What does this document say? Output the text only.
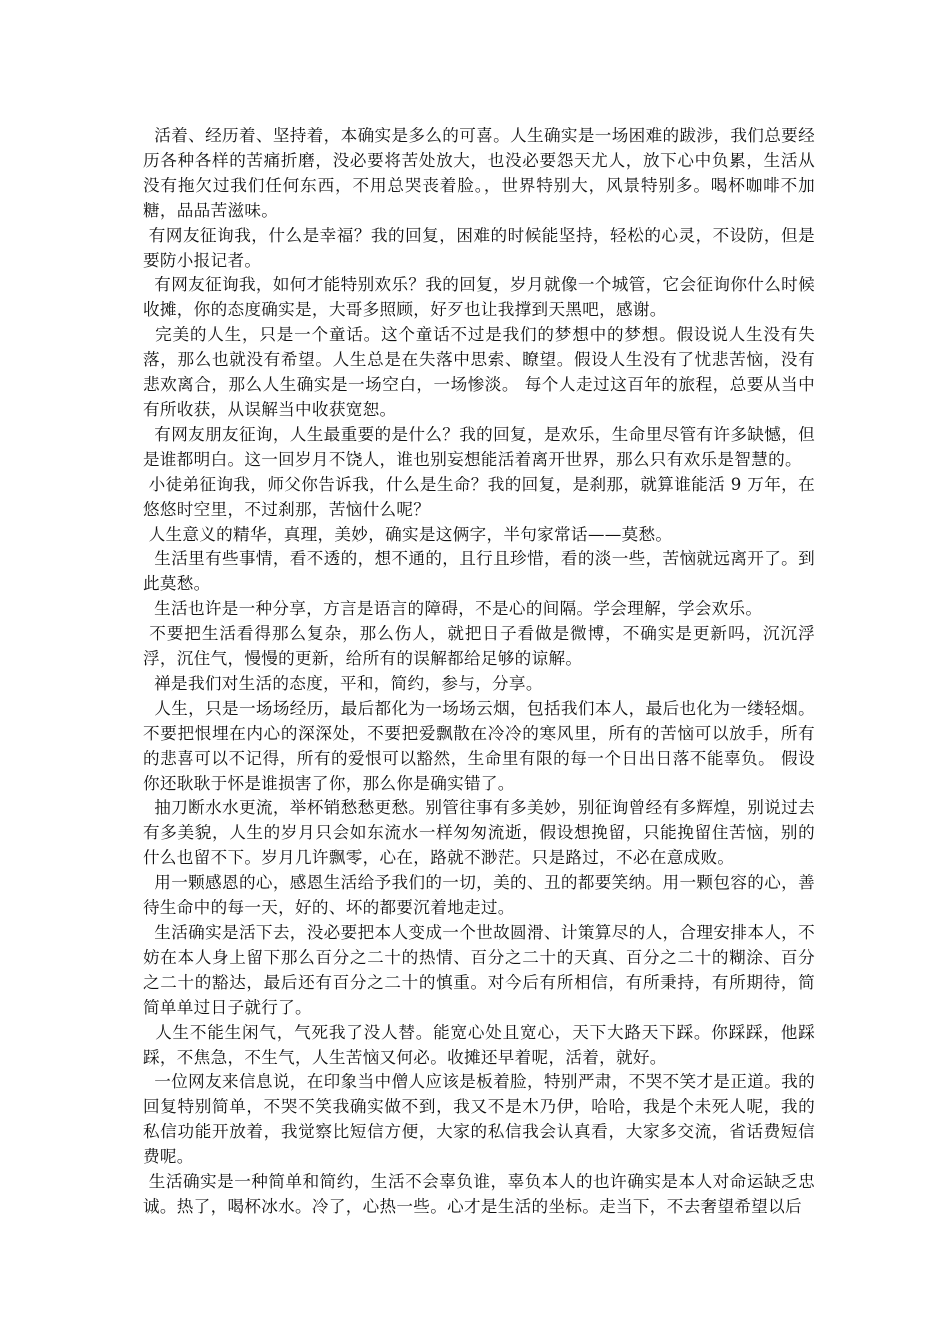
活着、经历着、坚持着，本确实是多么的可喜。人生确实是一场困难的跋涉，我们总要经历各种各样的苦痛折磨，没必要将苦处放大，也没必要怨天尤人，放下心中负累，生活从没有拖欠过我们任何东西，不用总哭丧着脸。，世界特别大，风景特别多。喝杯咖啡不加糖，品品苦滋味。

有网友征询我，什么是幸福？我的回复，困难的时候能坚持，轻松的心灵，不设防，但是要防小报记者。

有网友征询我，如何才能特别欢乐？我的回复，岁月就像一个城管，它会征询你什么时候收摊，你的态度确实是，大哥多照顾，好歹也让我撑到天黑吧，感谢。

完美的人生，只是一个童话。这个童话不过是我们的梦想中的梦想。假设说人生没有失落，那么也就没有希望。人生总是在失落中思索、瞭望。假设人生没有了忧悲苦恼，没有悲欢离合，那么人生确实是一场空白，一场惨淡。 每个人走过这百年的旅程，总要从当中有所收获，从误解当中收获宽恕。

有网友朋友征询，人生最重要的是什么？我的回复，是欢乐，生命里尽管有许多缺憾，但是谁都明白。这一回岁月不饶人，谁也别妄想能活着离开世界，那么只有欢乐是智慧的。

小徒弟征询我，师父你告诉我，什么是生命？我的回复，是刹那，就算谁能活 9 万年，在悠悠时空里，不过刹那，苦恼什么呢？

人生意义的精华，真理，美妙，确实是这俩字，半句家常话——莫愁。

生活里有些事情，看不透的，想不通的，且行且珍惜，看的淡一些，苦恼就远离开了。到此莫愁。

生活也许是一种分享，方言是语言的障碍，不是心的间隔。学会理解，学会欢乐。

不要把生活看得那么复杂，那么伤人，就把日子看做是微博，不确实是更新吗，沉沉浮浮，沉住气，慢慢的更新，给所有的误解都给足够的谅解。

禅是我们对生活的态度，平和，简约，参与，分享。

人生，只是一场场经历，最后都化为一场场云烟，包括我们本人，最后也化为一缕轻烟。不要把恨埋在内心的深深处，不要把爱飘散在冷冷的寒风里，所有的苦恼可以放手，所有的悲喜可以不记得，所有的爱恨可以豁然，生命里有限的每一个日出日落不能辜负。 假设你还耿耿于怀是谁损害了你，那么你是确实错了。

抽刀断水水更流，举杯销愁愁更愁。别管往事有多美妙，别征询曾经有多辉煌，别说过去有多美貌，人生的岁月只会如东流水一样匆匆流逝，假设想挽留，只能挽留住苦恼，别的什么也留不下。岁月几许飘零，心在，路就不渺茫。只是路过，不必在意成败。

用一颗感恩的心，感恩生活给予我们的一切，美的、丑的都要笑纳。用一颗包容的心，善待生命中的每一天，好的、坏的都要沉着地走过。

生活确实是活下去，没必要把本人变成一个世故圆滑、计策算尽的人，合理安排本人，不妨在本人身上留下那么百分之二十的热情、百分之二十的天真、百分之二十的糊涂、百分之二十的豁达，最后还有百分之二十的慎重。对今后有所相信，有所秉持，有所期待，简简单单过日子就行了。

人生不能生闲气，气死我了没人替。能宽心处且宽心，天下大路天下踩。你踩踩，他踩踩，不焦急，不生气，人生苦恼又何必。收摊还早着呢，活着，就好。

一位网友来信息说，在印象当中僧人应该是板着脸，特别严肃，不哭不笑才是正道。我的回复特别简单，不哭不笑我确实做不到，我又不是木乃伊，哈哈，我是个未死人呢，我的私信功能开放着，我觉察比短信方便，大家的私信我会认真看，大家多交流，省话费短信费呢。

生活确实是一种简单和简约，生活不会辜负谁，辜负本人的也许确实是本人对命运缺乏忠诚。热了，喝杯冰水。冷了，心热一些。心才是生活的坐标。走当下，不去奢望希望以后
